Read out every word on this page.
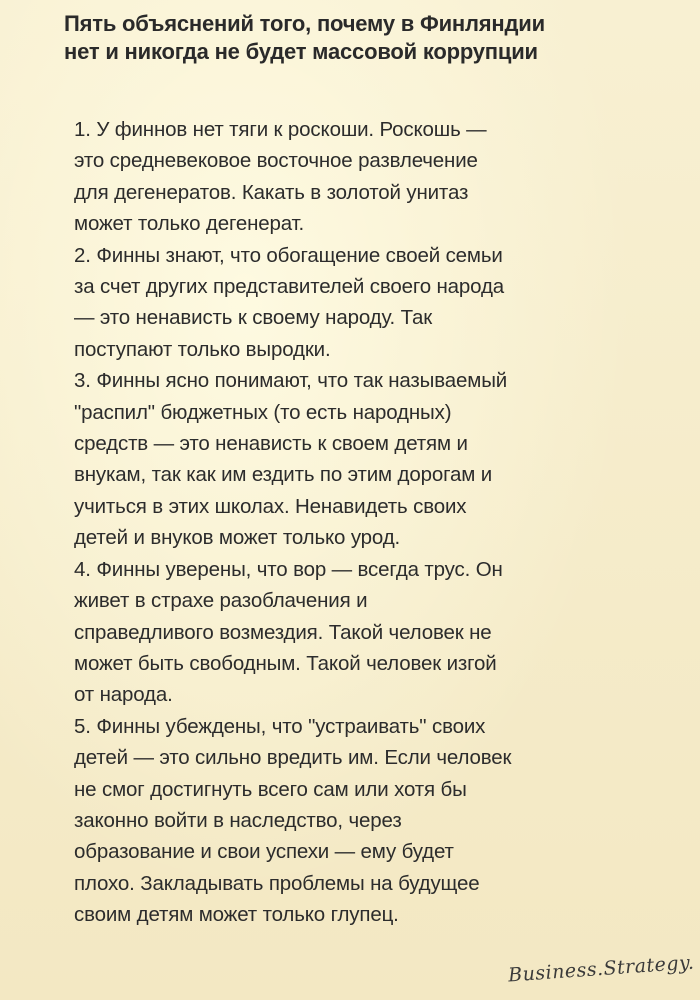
Пять объяснений того, почему в Финляндии
нет и никогда не будет массовой коррупции
1. У финнов нет тяги к роскоши. Роскошь —
это средневековое восточное развлечение
для дегенератов. Какать в золотой унитаз
может только дегенерат.
2. Финны знают, что обогащение своей семьи
за счет других представителей своего народа
— это ненависть к своему народу. Так
поступают только выродки.
3. Финны ясно понимают, что так называемый
"распил" бюджетных (то есть народных)
средств — это ненависть к своем детям и
внукам, так как им ездить по этим дорогам и
учиться в этих школах. Ненавидеть своих
детей и внуков может только урод.
4. Финны уверены, что вор — всегда трус. Он
живет в страхе разоблачения и
справедливого возмездия. Такой человек не
может быть свободным. Такой человек изгой
от народа.
5. Финны убеждены, что "устраивать" своих
детей — это сильно вредить им. Если человек
не смог достигнуть всего сам или хотя бы
законно войти в наследство, через
образование и свои успехи — ему будет
плохо. Закладывать проблемы на будущее
своим детям может только глупец.
Business.Strategy.
